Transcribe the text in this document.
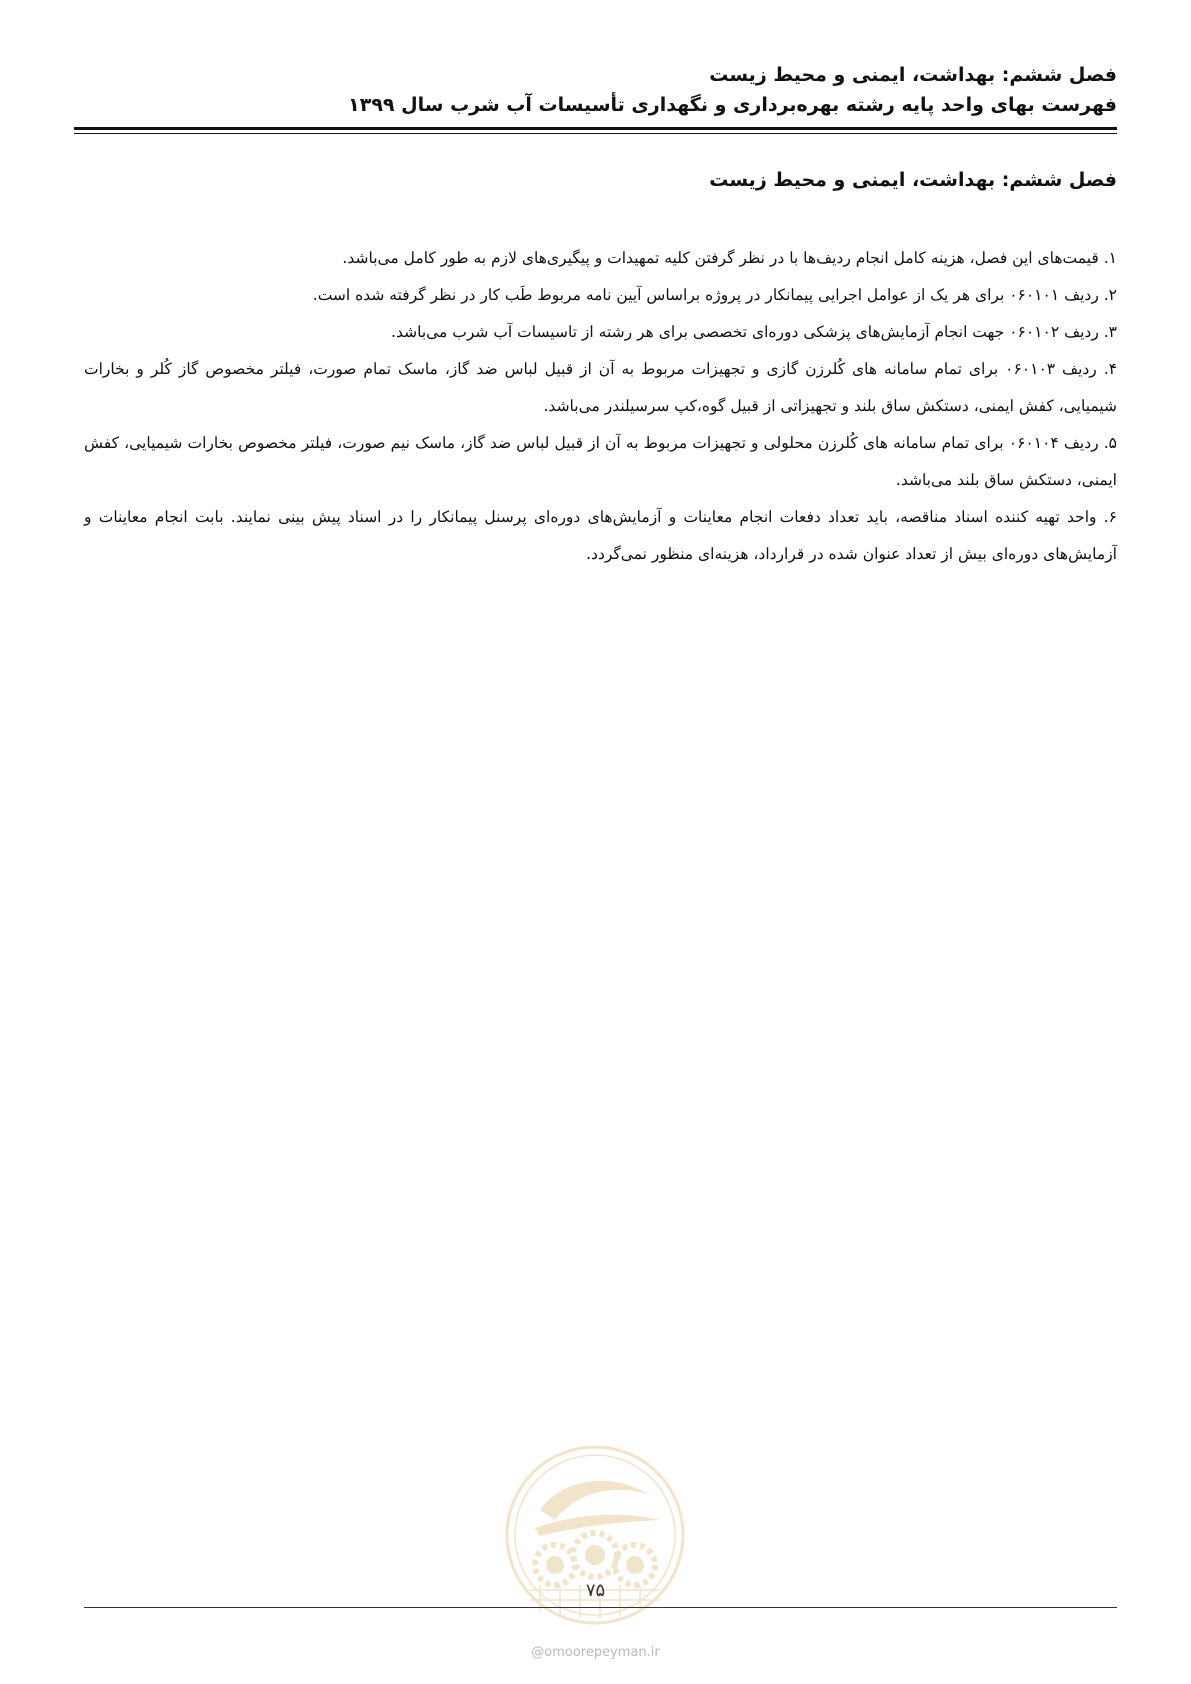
فصل ششم: بهداشت، ایمنی و محیط زیست
فهرست بهای واحد پایه رشته بهره‌برداری و نگهداری تأسیسات آب شرب سال ۱۳۹۹
فصل ششم: بهداشت، ایمنی و محیط زیست

۱. قیمت‌های این فصل، هزینه کامل انجام ردیف‌ها با در نظر گرفتن کلیه تمهیدات و پیگیری‌های لازم به طور کامل می‌باشد.

۲. ردیف ۰۶۰۱۰۱ برای هر یک از عوامل اجرایی پیمانکار در پروژه براساس آیین نامه مربوط طَب کار در نظر گرفته شده است.

۳. ردیف ۰۶۰۱۰۲ جهت انجام آزمایش‌های پزشکی دوره‌ای تخصصی برای هر رشته از تاسیسات آب شرب می‌باشد.

۴. ردیف ۰۶۰۱۰۳ برای تمام سامانه های کُلرزن گازی و تجهیزات مربوط به آن از قبیل لباس ضد گاز، ماسک تمام صورت، فیلتر مخصوص گاز کُلر و بخارات شیمیایی، کفش ایمنی، دستکش ساق بلند و تجهیزاتی از قبیل گوه،کپ سرسیلندر می‌باشد.

۵. ردیف ۰۶۰۱۰۴ برای تمام سامانه های کُلرزن محلولی و تجهیزات مربوط به آن از قبیل لباس ضد گاز، ماسک نیم صورت، فیلتر مخصوص بخارات شیمیایی، کفش ایمنی، دستکش ساق بلند می‌باشد.

۶. واحد تهیه کننده اسناد مناقصه، باید تعداد دفعات انجام معاینات و آزمایش‌های دوره‌ای پرسنل پیمانکار را در اسناد پیش بینی نمایند. بابت انجام معاینات و آزمایش‌های دوره‌ای بیش از تعداد عنوان شده در قرارداد، هزینه‌ای منظور نمی‌گردد.

۷۵
@omoorepeyman.ir
